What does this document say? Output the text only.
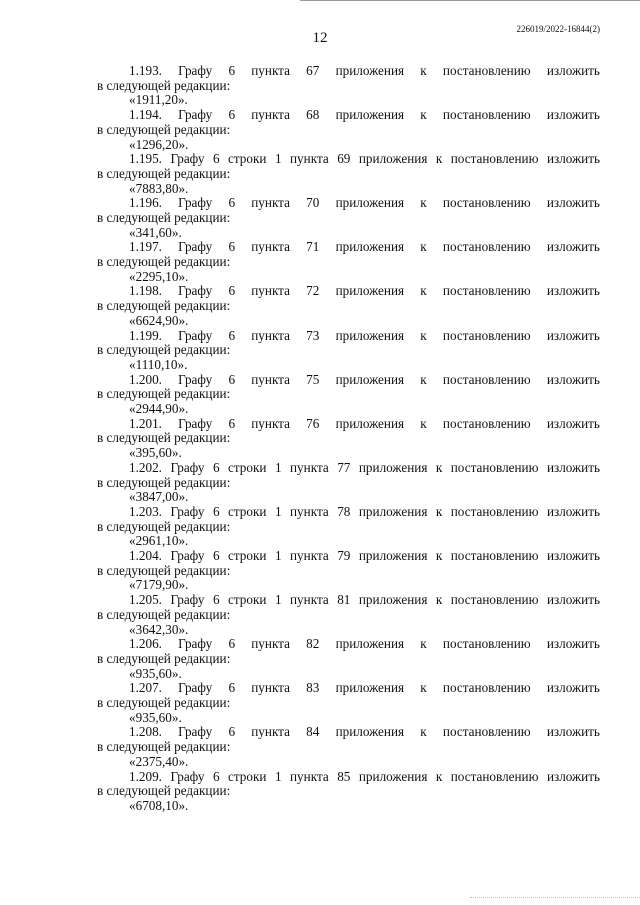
226019/2022-16844(2)
12
1.193. Графу 6 пункта 67 приложения к постановлению изложить
в следующей редакции:
«1911,20».
1.194. Графу 6 пункта 68 приложения к постановлению изложить
в следующей редакции:
«1296,20».
1.195. Графу 6 строки 1 пункта 69 приложения к постановлению изложить
в следующей редакции:
«7883,80».
1.196. Графу 6 пункта 70 приложения к постановлению изложить
в следующей редакции:
«341,60».
1.197. Графу 6 пункта 71 приложения к постановлению изложить
в следующей редакции:
«2295,10».
1.198. Графу 6 пункта 72 приложения к постановлению изложить
в следующей редакции:
«6624,90».
1.199. Графу 6 пункта 73 приложения к постановлению изложить
в следующей редакции:
«1110,10».
1.200. Графу 6 пункта 75 приложения к постановлению изложить
в следующей редакции:
«2944,90».
1.201. Графу 6 пункта 76 приложения к постановлению изложить
в следующей редакции:
«395,60».
1.202. Графу 6 строки 1 пункта 77 приложения к постановлению изложить
в следующей редакции:
«3847,00».
1.203. Графу 6 строки 1 пункта 78 приложения к постановлению изложить
в следующей редакции:
«2961,10».
1.204. Графу 6 строки 1 пункта 79 приложения к постановлению изложить
в следующей редакции:
«7179,90».
1.205. Графу 6 строки 1 пункта 81 приложения к постановлению изложить
в следующей редакции:
«3642,30».
1.206. Графу 6 пункта 82 приложения к постановлению изложить
в следующей редакции:
«935,60».
1.207. Графу 6 пункта 83 приложения к постановлению изложить
в следующей редакции:
«935,60».
1.208. Графу 6 пункта 84 приложения к постановлению изложить
в следующей редакции:
«2375,40».
1.209. Графу 6 строки 1 пункта 85 приложения к постановлению изложить
в следующей редакции:
«6708,10».
